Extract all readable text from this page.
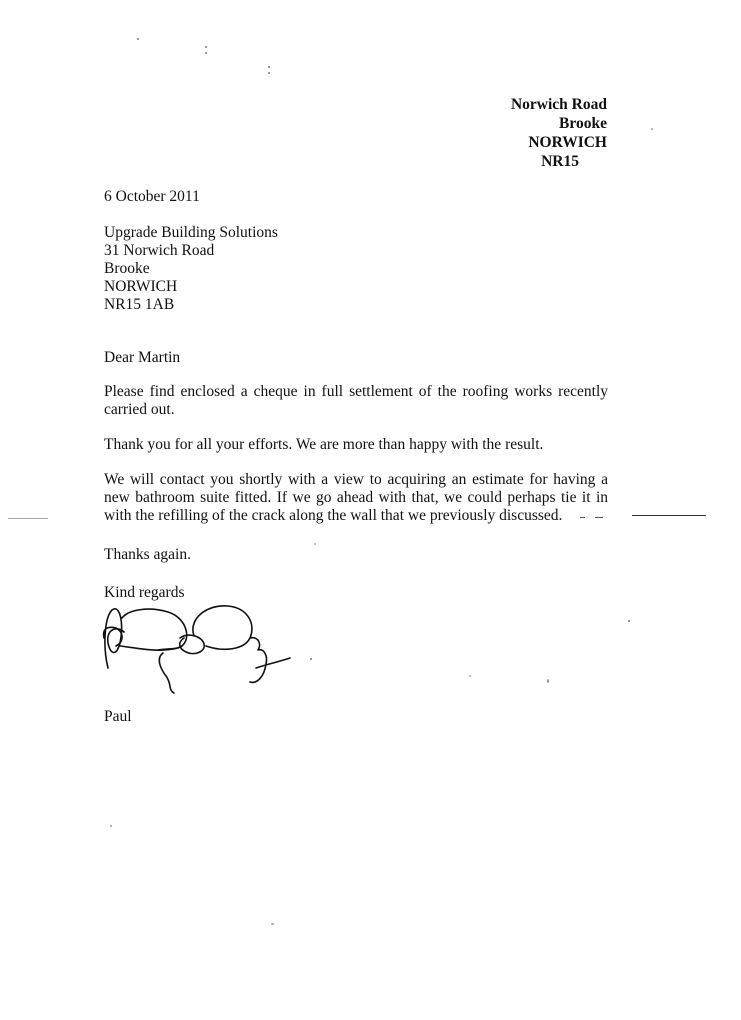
Norwich Road
Brooke
NORWICH
NR15
6 October 2011
Upgrade Building Solutions
31 Norwich Road
Brooke
NORWICH
NR15 1AB
Dear Martin
Please find enclosed a cheque in full settlement of the roofing works recently carried out.
Thank you for all your efforts. We are more than happy with the result.
We will contact you shortly with a view to acquiring an estimate for having a new bathroom suite fitted. If we go ahead with that, we could perhaps tie it in with the refilling of the crack along the wall that we previously discussed.
Thanks again.
Kind regards
Paul
